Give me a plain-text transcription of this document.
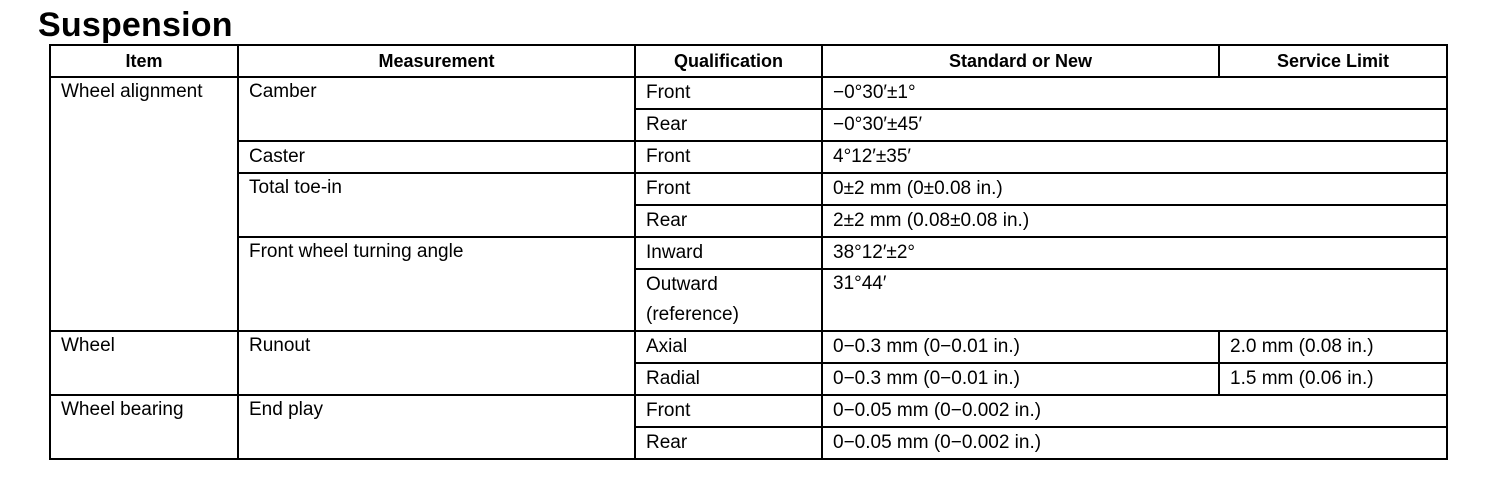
Suspension
Item	Measurement	Qualification	Standard or New	Service Limit
Wheel alignment	Camber	Front	−0°30′±1°	
		Rear	−0°30′±45′	
	Caster	Front	4°12′±35′	
	Total toe-in	Front	0±2 mm (0±0.08 in.)	
		Rear	2±2 mm (0.08±0.08 in.)	
	Front wheel turning angle	Inward	38°12′±2°	
		Outward	31°44′	
		(reference)		
Wheel	Runout	Axial	0−0.3 mm (0−0.01 in.)	2.0 mm (0.08 in.)
		Radial	0−0.3 mm (0−0.01 in.)	1.5 mm (0.06 in.)
Wheel bearing	End play	Front	0−0.05 mm (0−0.002 in.)	
		Rear	0−0.05 mm (0−0.002 in.)	
